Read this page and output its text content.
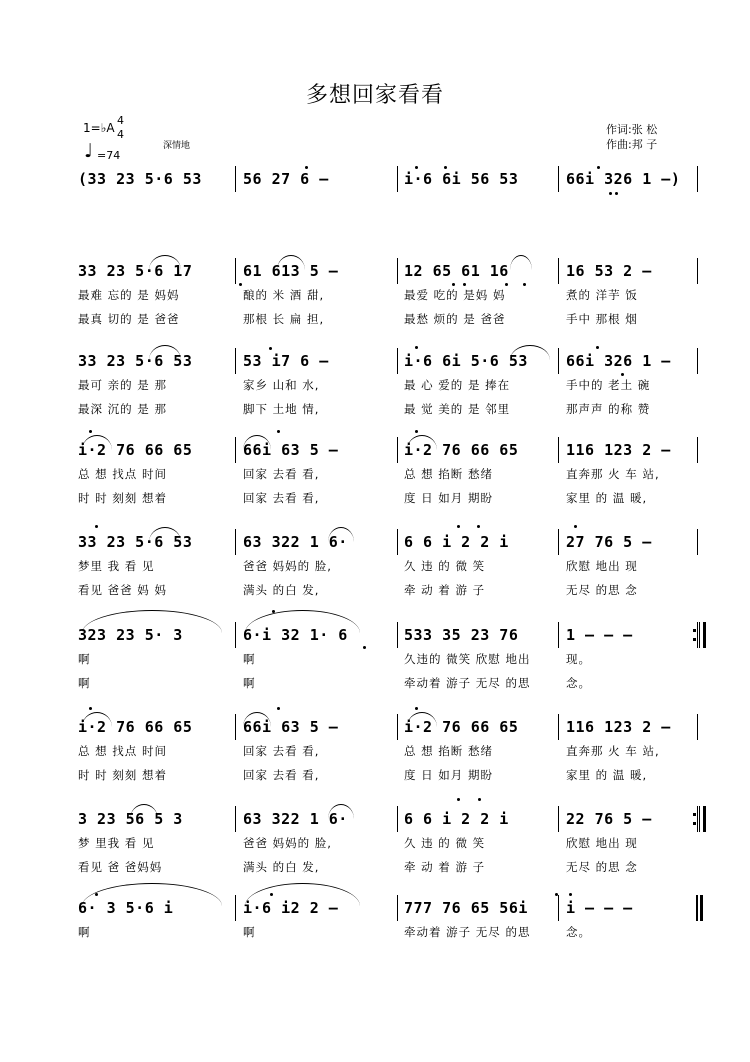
多想回家看看
1=♭A
4
4
♩ =74
深情地
作词:张 松
作曲:邦 子
(33 23 5·6 53	56 27 6 –	i·6 6i 56 53	66i 326 1 –)
33 23 5·6 17	61 613 5 –	12 65 61 16	16 53 2 –
最难 忘的 是 妈妈	酿的 米 酒 甜,	最爱 吃的 是妈 妈	煮的 洋芋 饭
最真 切的 是 爸爸	那根 长 扁 担,	最愁 烦的 是 爸爸	手中 那根 烟
33 23 5·6 53	53 i7 6 –	i·6 6i 5·6 53	66i 326 1 –
最可 亲的 是 那	家乡 山和 水,	最 心 爱的 是 捧在	手中的 老土 碗
最深 沉的 是 那	脚下 土地 情,	最 觉 美的 是 邻里	那声声 的称 赞
i·2 76 66 65	66i 63 5 –	i·2 76 66 65	116 123 2 –
总 想 找点 时间	回家 去看 看,	总 想 掐断 愁绪	直奔那 火 车 站,
时 时 刻刻 想着	回家 去看 看,	度 日 如月 期盼	家里 的 温 暖,
33 23 5·6 53	63 322 1 6·	6 6 i 2 2 i	27 76 5 –
梦里 我 看 见	爸爸 妈妈的 脸,	久 违 的 微 笑	欣慰 地出 现
看见 爸爸 妈 妈	满头 的白 发,	牵 动 着 游 子	无尽 的思 念
323 23 5· 3	6·i 32 1· 6	533 35 23 76	1 – – –
啊	啊	久违的 微笑 欣慰 地出	现。
啊	啊	牵动着 游子 无尽 的思	念。
i·2 76 66 65	66i 63 5 –	i·2 76 66 65	116 123 2 –
总 想 找点 时间	回家 去看 看,	总 想 掐断 愁绪	直奔那 火 车 站,
时 时 刻刻 想着	回家 去看 看,	度 日 如月 期盼	家里 的 温 暖,
3 23 56 5 3	63 322 1 6·	6 6 i 2 2 i	22 76 5 –
梦 里我 看 见	爸爸 妈妈的 脸,	久 违 的 微 笑	欣慰 地出 现
看见 爸 爸妈妈	满头 的白 发,	牵 动 着 游 子	无尽 的思 念
6· 3 5·6 i	i·6 i2 2 –	777 76 65 56i	i – – –
啊	啊	牵动着 游子 无尽 的思	念。
